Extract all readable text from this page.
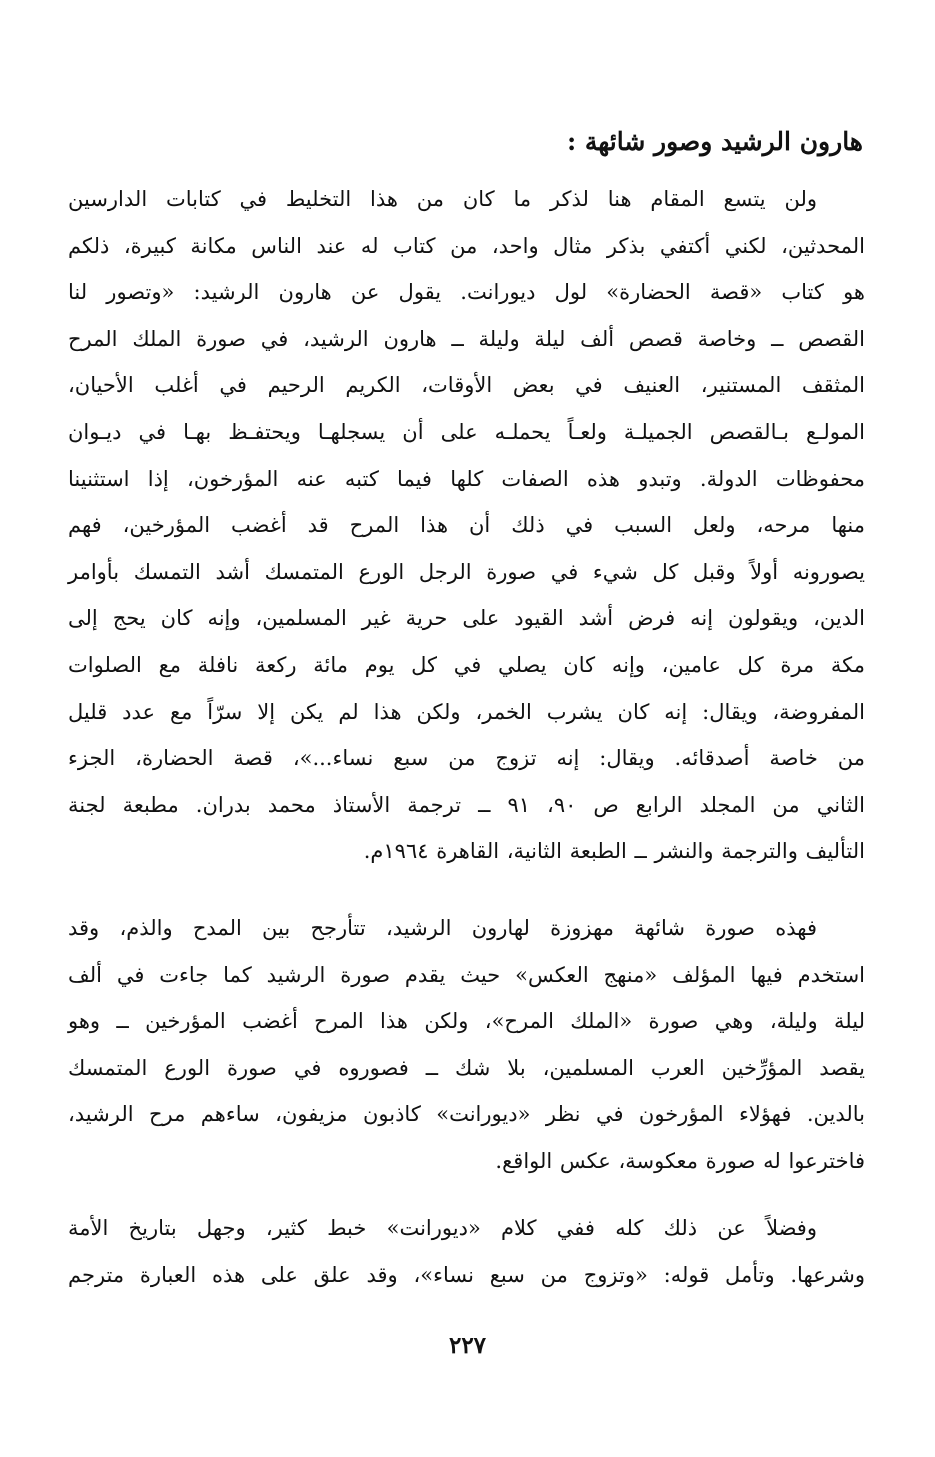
هارون الرشيد وصور شائهة :
ولن يتسع المقام هنا لذكر ما كان من هذا التخليط في كتابات الدارسين
المحدثين، لكني أكتفي بذكر مثال واحد، من كتاب له عند الناس مكانة كبيرة، ذلكم
هو كتاب «قصة الحضارة» لول ديورانت. يقول عن هارون الرشيد: «وتصور لنا
القصص ــ وخاصة قصص ألف ليلة وليلة ــ هارون الرشيد، في صورة الملك المرح
المثقف المستنير، العنيف في بعض الأوقات، الكريم الرحيم في أغلب الأحيان،
المولـع بـالقصص الجميلـة ولعـاً يحملـه على أن يسجلهـا ويحتفـظ بهـا في ديـوان
محفوظات الدولة. وتبدو هذه الصفات كلها فيما كتبه عنه المؤرخون، إذا استثنينا
منها مرحه، ولعل السبب في ذلك أن هذا المرح قد أغضب المؤرخين، فهم
يصورونه أولاً وقبل كل شيء في صورة الرجل الورع المتمسك أشد التمسك بأوامر
الدين، ويقولون إنه فرض أشد القيود على حرية غير المسلمين، وإنه كان يحج إلى
مكة مرة كل عامين، وإنه كان يصلي في كل يوم مائة ركعة نافلة مع الصلوات
المفروضة، ويقال: إنه كان يشرب الخمر، ولكن هذا لم يكن إلا سرّاً مع عدد قليل
من خاصة أصدقائه. ويقال: إنه تزوج من سبع نساء...»، قصة الحضارة، الجزء
الثاني من المجلد الرابع ص ٩٠، ٩١ ــ ترجمة الأستاذ محمد بدران. مطبعة لجنة
التأليف والترجمة والنشر ــ الطبعة الثانية، القاهرة ١٩٦٤م.
فهذه صورة شائهة مهزوزة لهارون الرشيد، تتأرجح بين المدح والذم، وقد
استخدم فيها المؤلف «منهج العكس» حيث يقدم صورة الرشيد كما جاءت في ألف
ليلة وليلة، وهي صورة «الملك المرح»، ولكن هذا المرح أغضب المؤرخين ــ وهو
يقصد المؤرِّخين العرب المسلمين، بلا شك ــ فصوروه في صورة الورع المتمسك
بالدين. فهؤلاء المؤرخون في نظر «ديورانت» كاذبون مزيفون، ساءهم مرح الرشيد،
فاخترعوا له صورة معكوسة، عكس الواقع.
وفضلاً عن ذلك كله ففي كلام «ديورانت» خبط كثير، وجهل بتاريخ الأمة
وشرعها. وتأمل قوله: «وتزوج من سبع نساء»، وقد علق على هذه العبارة مترجم
٢٢٧
